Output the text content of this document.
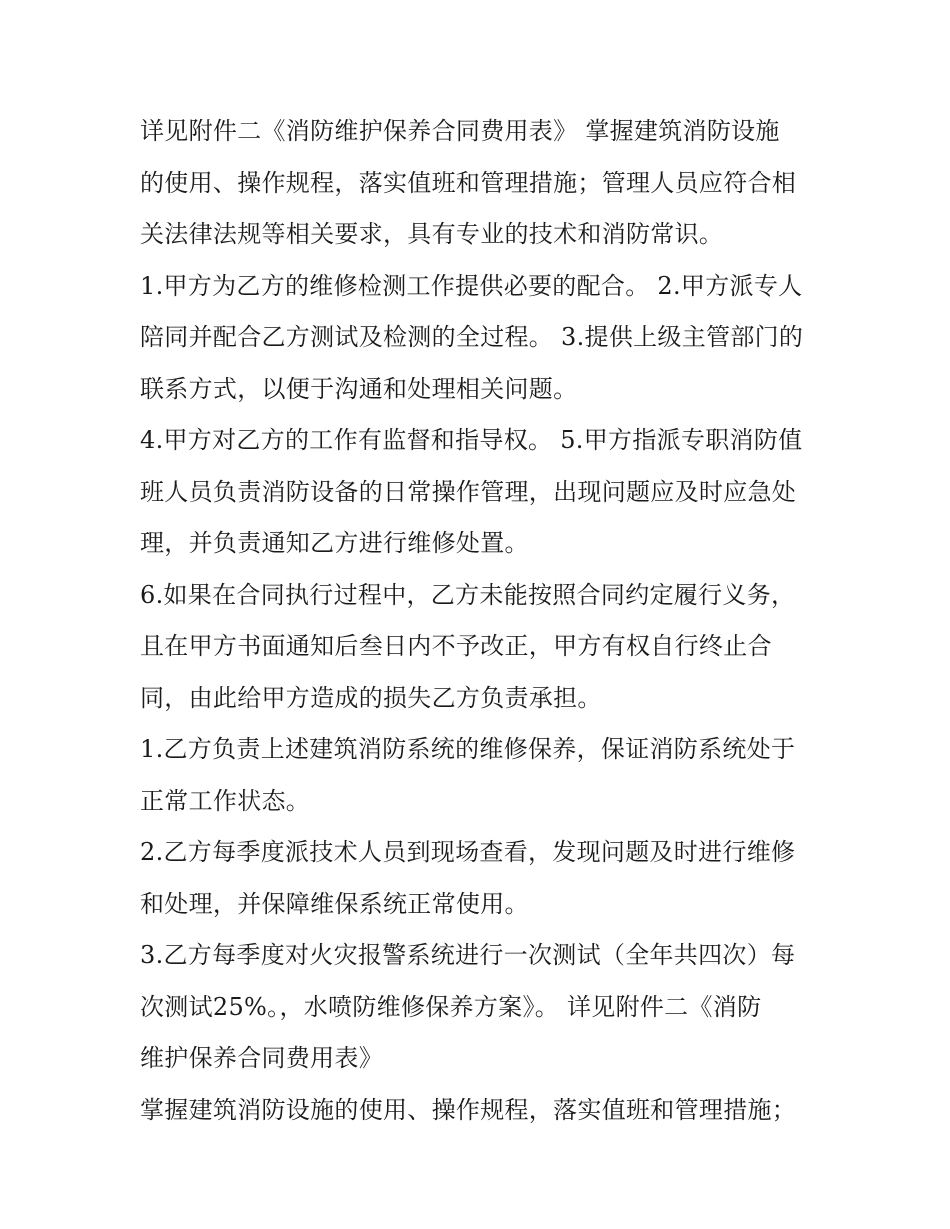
详见附件二《消防维护保养合同费用表》 掌握建筑消防设施
的使用、操作规程，落实值班和管理措施；管理人员应符合相
关法律法规等相关要求，具有专业的技术和消防常识。
1.甲方为乙方的维修检测工作提供必要的配合。 2.甲方派专人
陪同并配合乙方测试及检测的全过程。 3.提供上级主管部门的
联系方式，以便于沟通和处理相关问题。
4.甲方对乙方的工作有监督和指导权。 5.甲方指派专职消防值
班人员负责消防设备的日常操作管理，出现问题应及时应急处
理，并负责通知乙方进行维修处置。
6.如果在合同执行过程中，乙方未能按照合同约定履行义务，
且在甲方书面通知后叁日内不予改正，甲方有权自行终止合
同，由此给甲方造成的损失乙方负责承担。
1.乙方负责上述建筑消防系统的维修保养，保证消防系统处于
正常工作状态。
2.乙方每季度派技术人员到现场查看，发现问题及时进行维修
和处理，并保障维保系统正常使用。
3.乙方每季度对火灾报警系统进行一次测试（全年共四次）每
次测试25%。，水喷防维修保养方案》。 详见附件二《消防
维护保养合同费用表》
掌握建筑消防设施的使用、操作规程，落实值班和管理措施；
